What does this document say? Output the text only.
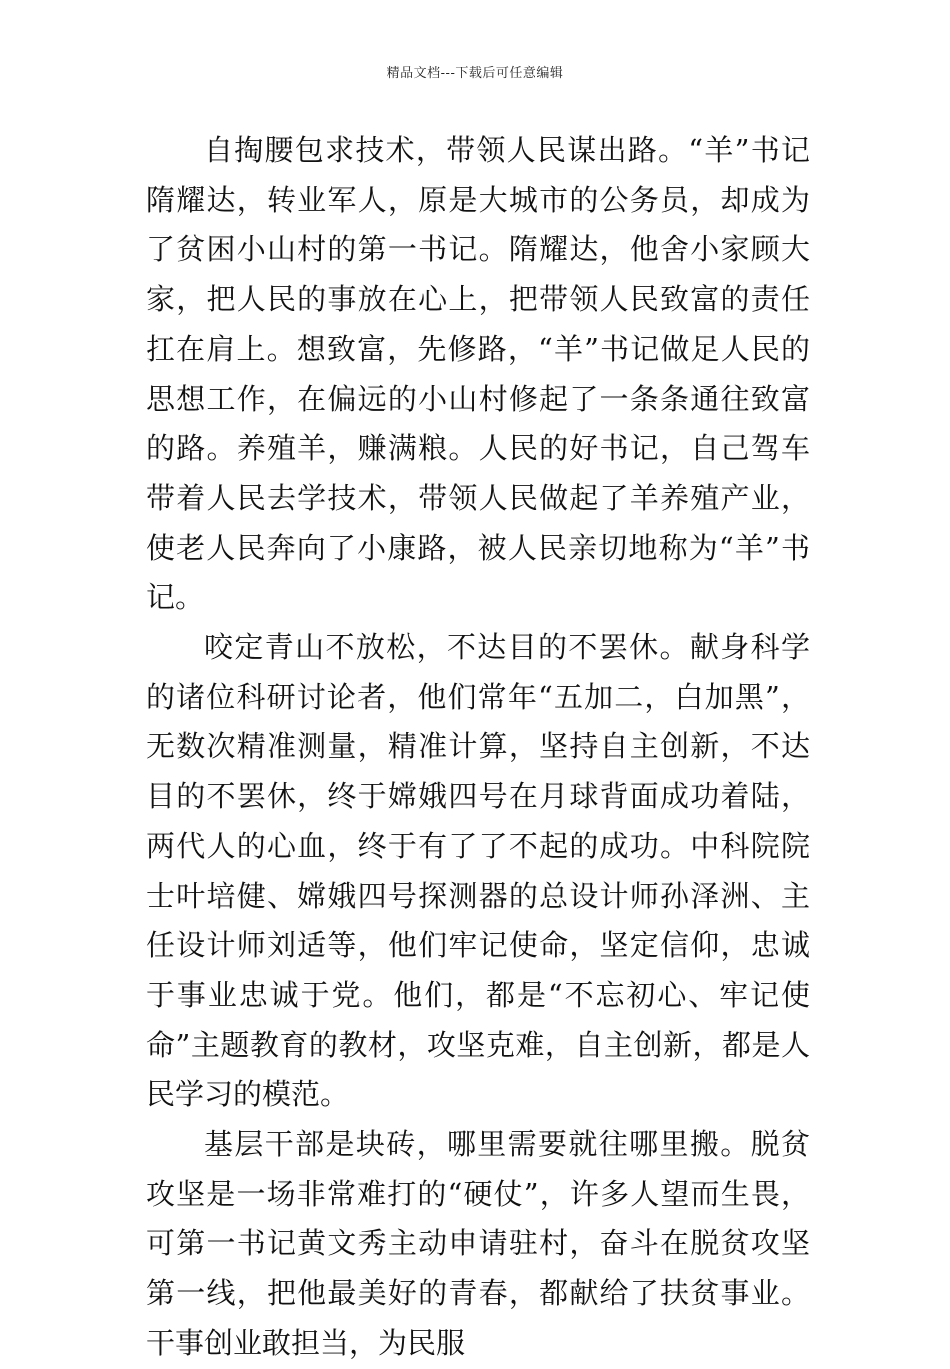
精品文档---下载后可任意编辑

自掏腰包求技术，带领人民谋出路。“羊”书记隋耀达，转业军人，原是大城市的公务员，却成为了贫困小山村的第一书记。隋耀达，他舍小家顾大家，把人民的事放在心上，把带领人民致富的责任扛在肩上。想致富，先修路，“羊”书记做足人民的思想工作，在偏远的小山村修起了一条条通往致富的路。养殖羊，赚满粮。人民的好书记，自己驾车带着人民去学技术，带领人民做起了羊养殖产业，使老人民奔向了小康路，被人民亲切地称为“羊”书记。

咬定青山不放松，不达目的不罢休。献身科学的诸位科研讨论者，他们常年“五加二，白加黑”，无数次精准测量，精准计算，坚持自主创新，不达目的不罢休，终于嫦娥四号在月球背面成功着陆，两代人的心血，终于有了了不起的成功。中科院院士叶培健、嫦娥四号探测器的总设计师孙泽洲、主任设计师刘适等，他们牢记使命，坚定信仰，忠诚于事业忠诚于党。他们，都是“不忘初心、牢记使命”主题教育的教材，攻坚克难，自主创新，都是人民学习的模范。

基层干部是块砖，哪里需要就往哪里搬。脱贫攻坚是一场非常难打的“硬仗”，许多人望而生畏，可第一书记黄文秀主动申请驻村，奋斗在脱贫攻坚第一线，把他最美好的青春，都献给了扶贫事业。干事创业敢担当，为民服
